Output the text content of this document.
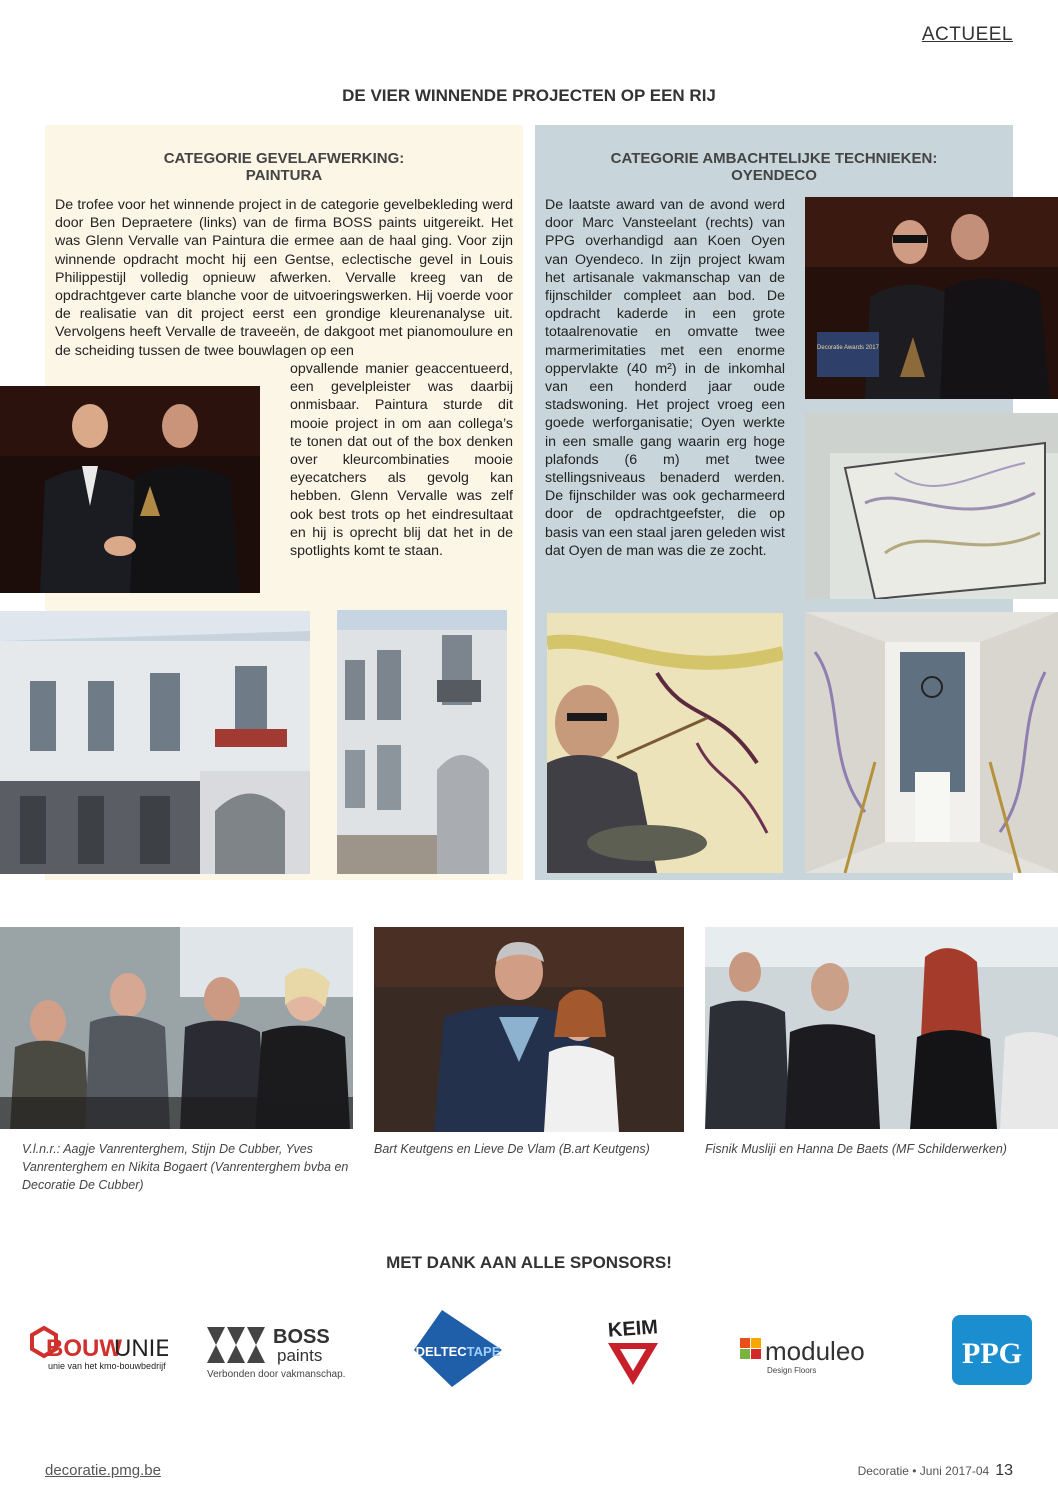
ACTUEEL
DE VIER WINNENDE PROJECTEN OP EEN RIJ
CATEGORIE GEVELAFWERKING:
PAINTURA

De trofee voor het winnende project in de categorie gevelbekleding werd door Ben Depraetere (links) van de firma BOSS paints uitgereikt. Het was Glenn Vervalle van Paintura die ermee aan de haal ging. Voor zijn winnende opdracht mocht hij een Gentse, eclectische gevel in Louis Philippestijl volledig opnieuw afwerken. Vervalle kreeg van de opdrachtgever carte blanche voor de uitvoeringswerken. Hij voerde voor de realisatie van dit project eerst een grondige kleurenanalyse uit. Vervolgens heeft Vervalle de traveeën, de dakgoot met pianomoulure en de scheiding tussen de twee bouwlagen op een

opvallende manier geaccentueerd, een gevelpleister was daarbij onmisbaar. Paintura sturde dit mooie project in om aan collega’s te tonen dat out of the box denken over kleurcombinaties mooie eyecatchers als gevolg kan hebben. Glenn Vervalle was zelf ook best trots op het eindresultaat en hij is oprecht blij dat het in de spotlights komt te staan.

CATEGORIE AMBACHTELIJKE TECHNIEKEN:
OYENDECO

De laatste award van de avond werd door Marc Vansteelant (rechts) van PPG overhandigd aan Koen Oyen van Oyendeco. In zijn project kwam het artisanale vakmanschap van de fijnschilder compleet aan bod. De opdracht kaderde in een grote totaalrenovatie en omvatte twee marmerimitaties met een enorme oppervlakte (40 m²) in de inkomhal van een honderd jaar oude stadswoning. Het project vroeg een goede werforganisatie; Oyen werkte in een smalle gang waarin erg hoge plafonds (6 m) met twee stellingsniveaus benaderd werden. De fijnschilder was ook gecharmeerd door de opdrachtgeefster, die op basis van een staal jaren geleden wist dat Oyen de man was die ze zocht.

Decoratie Awards 2017
V.l.n.r.: Aagje Vanrenterghem, Stijn De Cubber, Yves Vanrenterghem en Nikita Bogaert (Vanrenterghem bvba en Decoratie De Cubber)
Bart Keutgens en Lieve De Vlam (B.art Keutgens)	Fisnik Musliji en Hanna De Baets (MF Schilderwerken)
MET DANK AAN ALLE SPONSORS!
BOUW
UNIE
unie van het kmo-bouwbedrijf
BOSS
paints
Verbonden door vakmanschap.
DELTECTAPE
KEIM
moduleo
Design Floors
PPG
decoratie.pmg.be	Decoratie • Juni 2017-04 13
